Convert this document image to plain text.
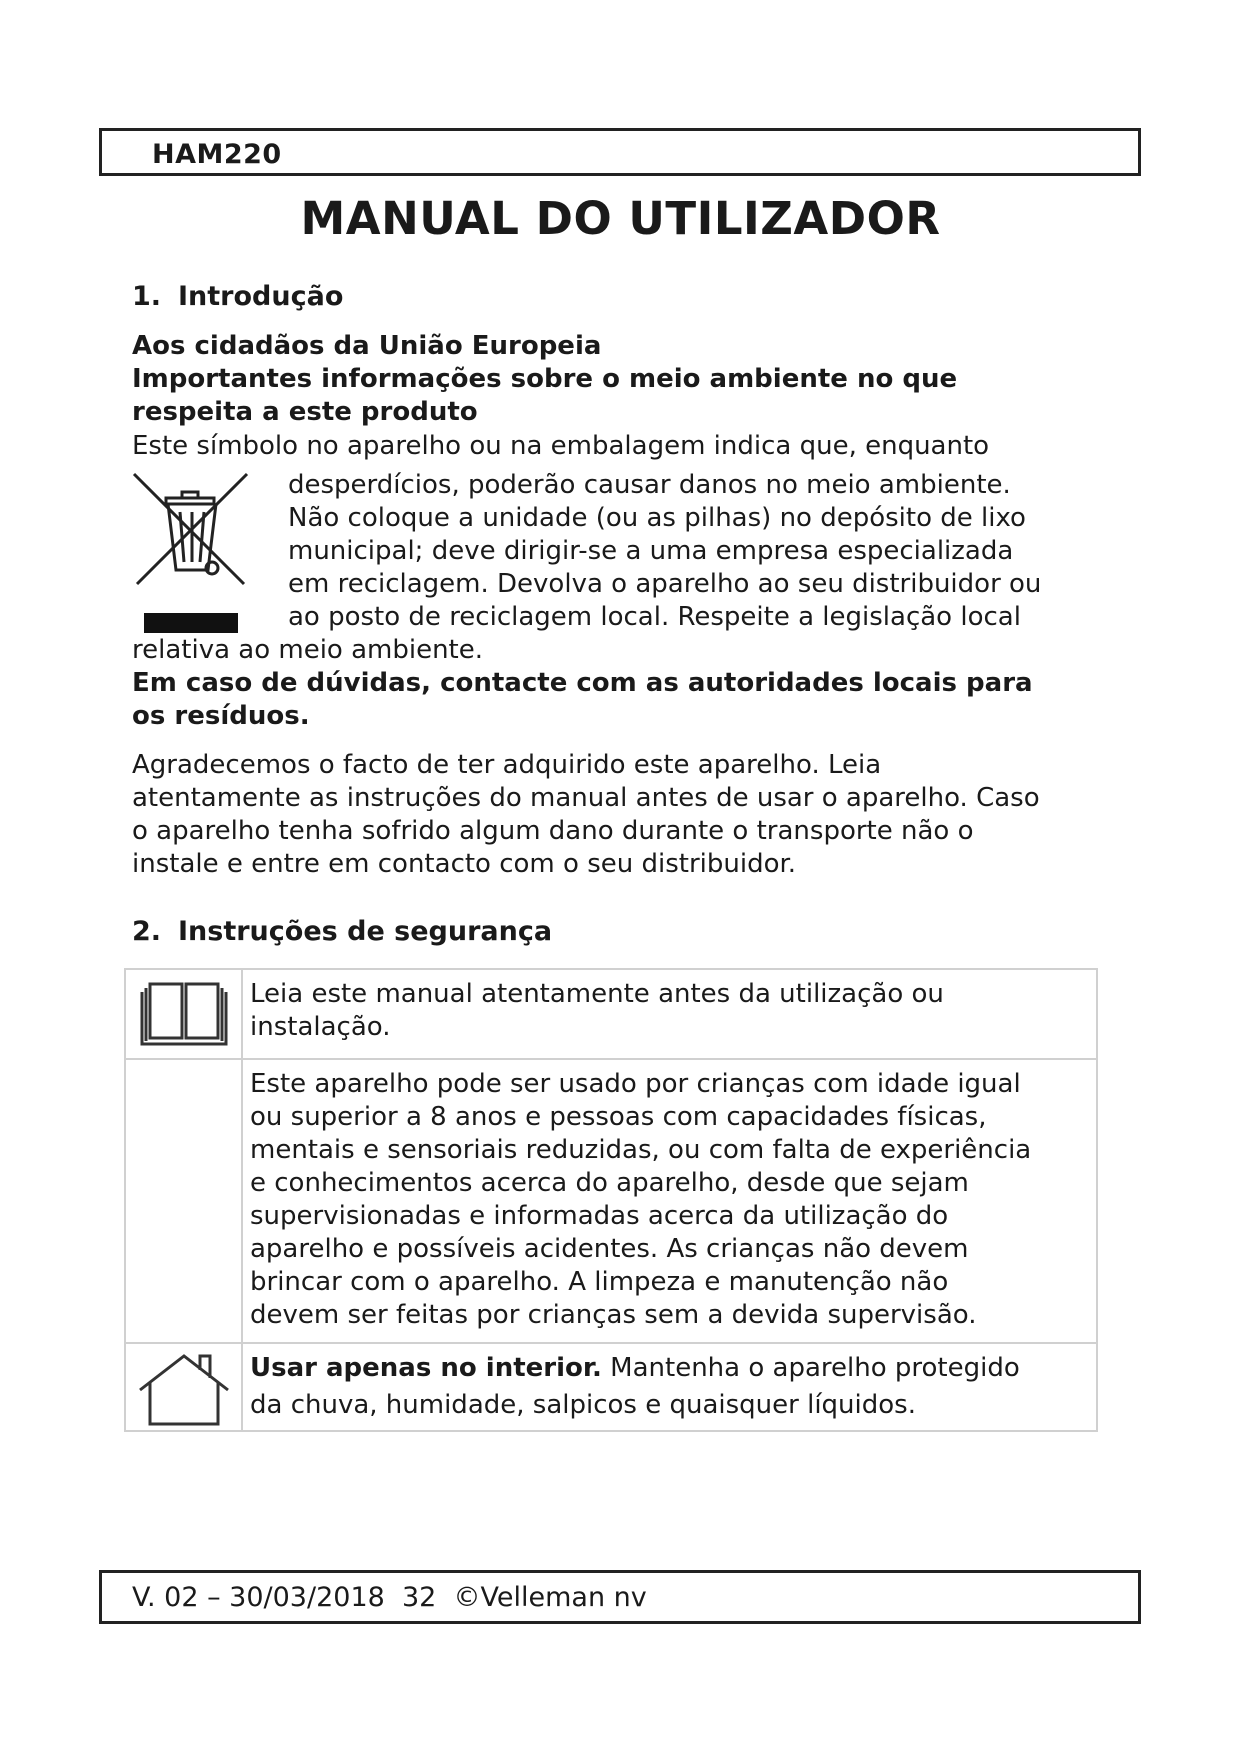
HAM220
MANUAL DO UTILIZADOR
1. Introdução
Aos cidadãos da União Europeia
Importantes informações sobre o meio ambiente no que
respeita a este produto
Este símbolo no aparelho ou na embalagem indica que, enquanto
desperdícios, poderão causar danos no meio ambiente.
Não coloque a unidade (ou as pilhas) no depósito de lixo
municipal; deve dirigir-se a uma empresa especializada
em reciclagem. Devolva o aparelho ao seu distribuidor ou
ao posto de reciclagem local. Respeite a legislação local
relativa ao meio ambiente.
Em caso de dúvidas, contacte com as autoridades locais para
os resíduos.
Agradecemos o facto de ter adquirido este aparelho. Leia
atentamente as instruções do manual antes de usar o aparelho. Caso
o aparelho tenha sofrido algum dano durante o transporte não o
instale e entre em contacto com o seu distribuidor.
2. Instruções de segurança
Leia este manual atentamente antes da utilização ou
instalação.
Este aparelho pode ser usado por crianças com idade igual
ou superior a 8 anos e pessoas com capacidades físicas,
mentais e sensoriais reduzidas, ou com falta de experiência
e conhecimentos acerca do aparelho, desde que sejam
supervisionadas e informadas acerca da utilização do
aparelho e possíveis acidentes. As crianças não devem
brincar com o aparelho. A limpeza e manutenção não
devem ser feitas por crianças sem a devida supervisão.
Usar apenas no interior. Mantenha o aparelho protegido
da chuva, humidade, salpicos e quaisquer líquidos.
V. 02 – 30/03/2018 32 ©Velleman nv
